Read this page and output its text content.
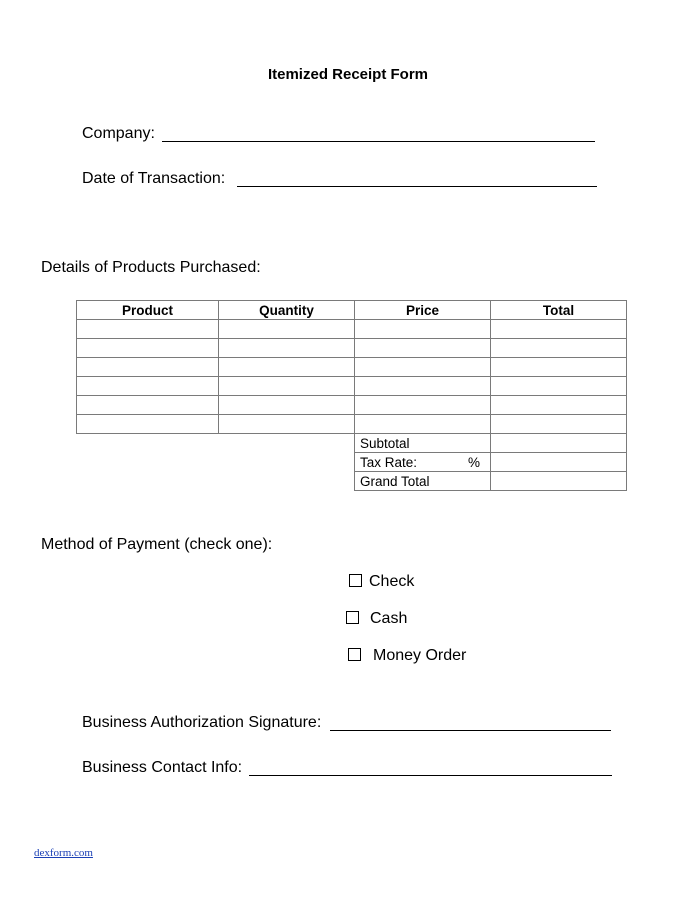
Itemized Receipt Form
Company:
Date of Transaction:
Details of Products Purchased:
Product	Quantity	Price	Total

		Subtotal	

		Tax Rate: %	

		Grand Total	
Method of Payment (check one):
Check
Cash
Money Order
Business Authorization Signature:
Business Contact Info:
dexform.com
